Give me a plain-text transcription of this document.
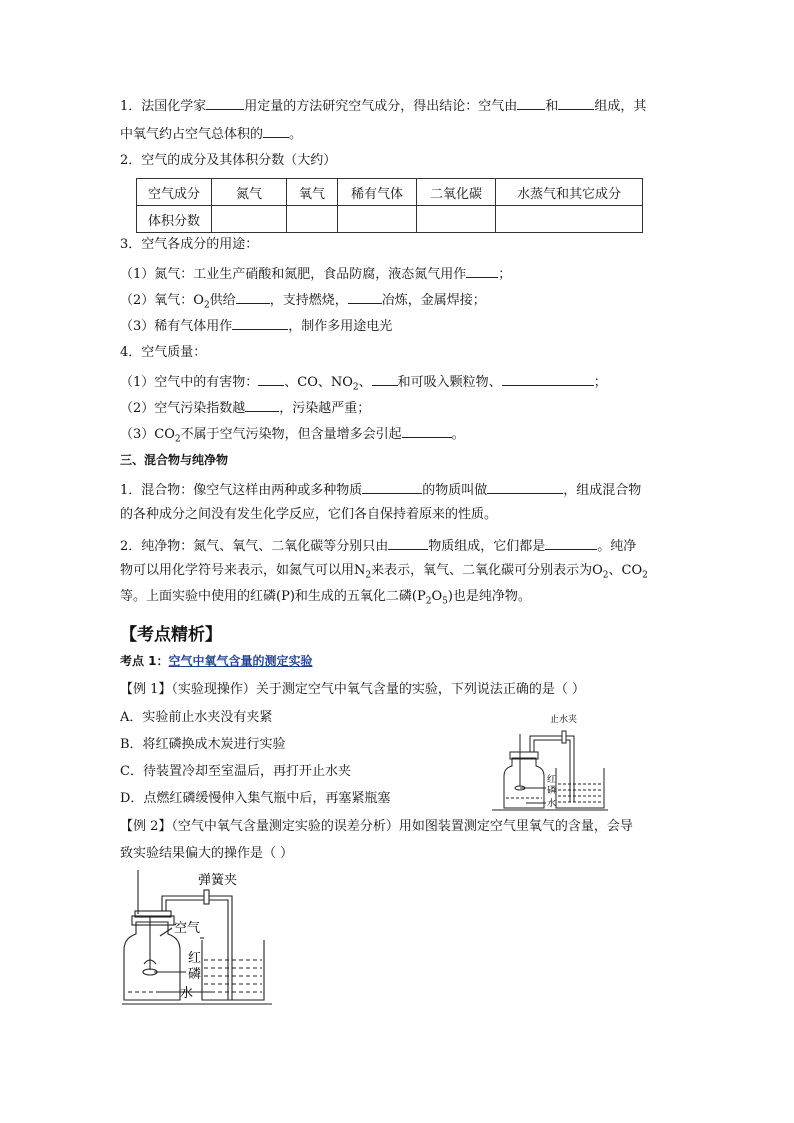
1．法国化学家	用定量的方法研究空气成分，得出结论：空气由 和	组成，其
中氧气约占空气总体积的 。
2．空气的成分及其体积分数（大约）
空气成分	氮气	氧气	稀有气体	二氧化碳	水蒸气和其它成分
体积分数					
3．空气各成分的用途：
（1）氮气：工业生产硝酸和氮肥，食品防腐，液态氮气用作 ；
（2）氧气：$O_2$供给	，支持燃烧，	冶炼，金属焊接；
（3）稀有气体用作	，制作多用途电光
4．空气质量：
（1）空气中的有害物： 、CO、$NO_2$、 和可吸入颗粒物、	；
（2）空气污染指数越	，污染越严重；
$(3)CO_2$不属于空气污染物，但含量增多会引起	。
三、混合物与纯净物
1．混合物：像空气这样由两种或多种物质	的物质叫做	，组成混合物
的各种成分之间没有发生化学反应，它们各自保持着原来的性质。
2．纯净物：氮气、氧气、二氧化碳等分别只由	物质组成，它们都是	。纯净
物可以用化学符号来表示，如氮气可以用$N_2$来表示，氧气、二氧化碳可分别表示为$O_2$、$CO_2$
等。上面实验中使用的红磷(P)和生成的五氧化二磷$(P_2O_5)$也是纯净物。
【考点精析】
考点 1：空气中氧气含量的测定实验
【例 1】（实验现操作）关于测定空气中氧气含量的实验，下列说法正确的是（ ）
A．实验前止水夹没有夹紧
B．将红磷换成木炭进行实验
C．待装置冷却至室温后，再打开止水夹
D．点燃红磷缓慢伸入集气瓶中后，再塞紧瓶塞
止水夹
红
磷
水
【例 2】（空气中氧气含量测定实验的误差分析）用如图装置测定空气里氧气的含量，会导
致实验结果偏大的操作是（ ）
弹簧夹
空气
红
磷
水
